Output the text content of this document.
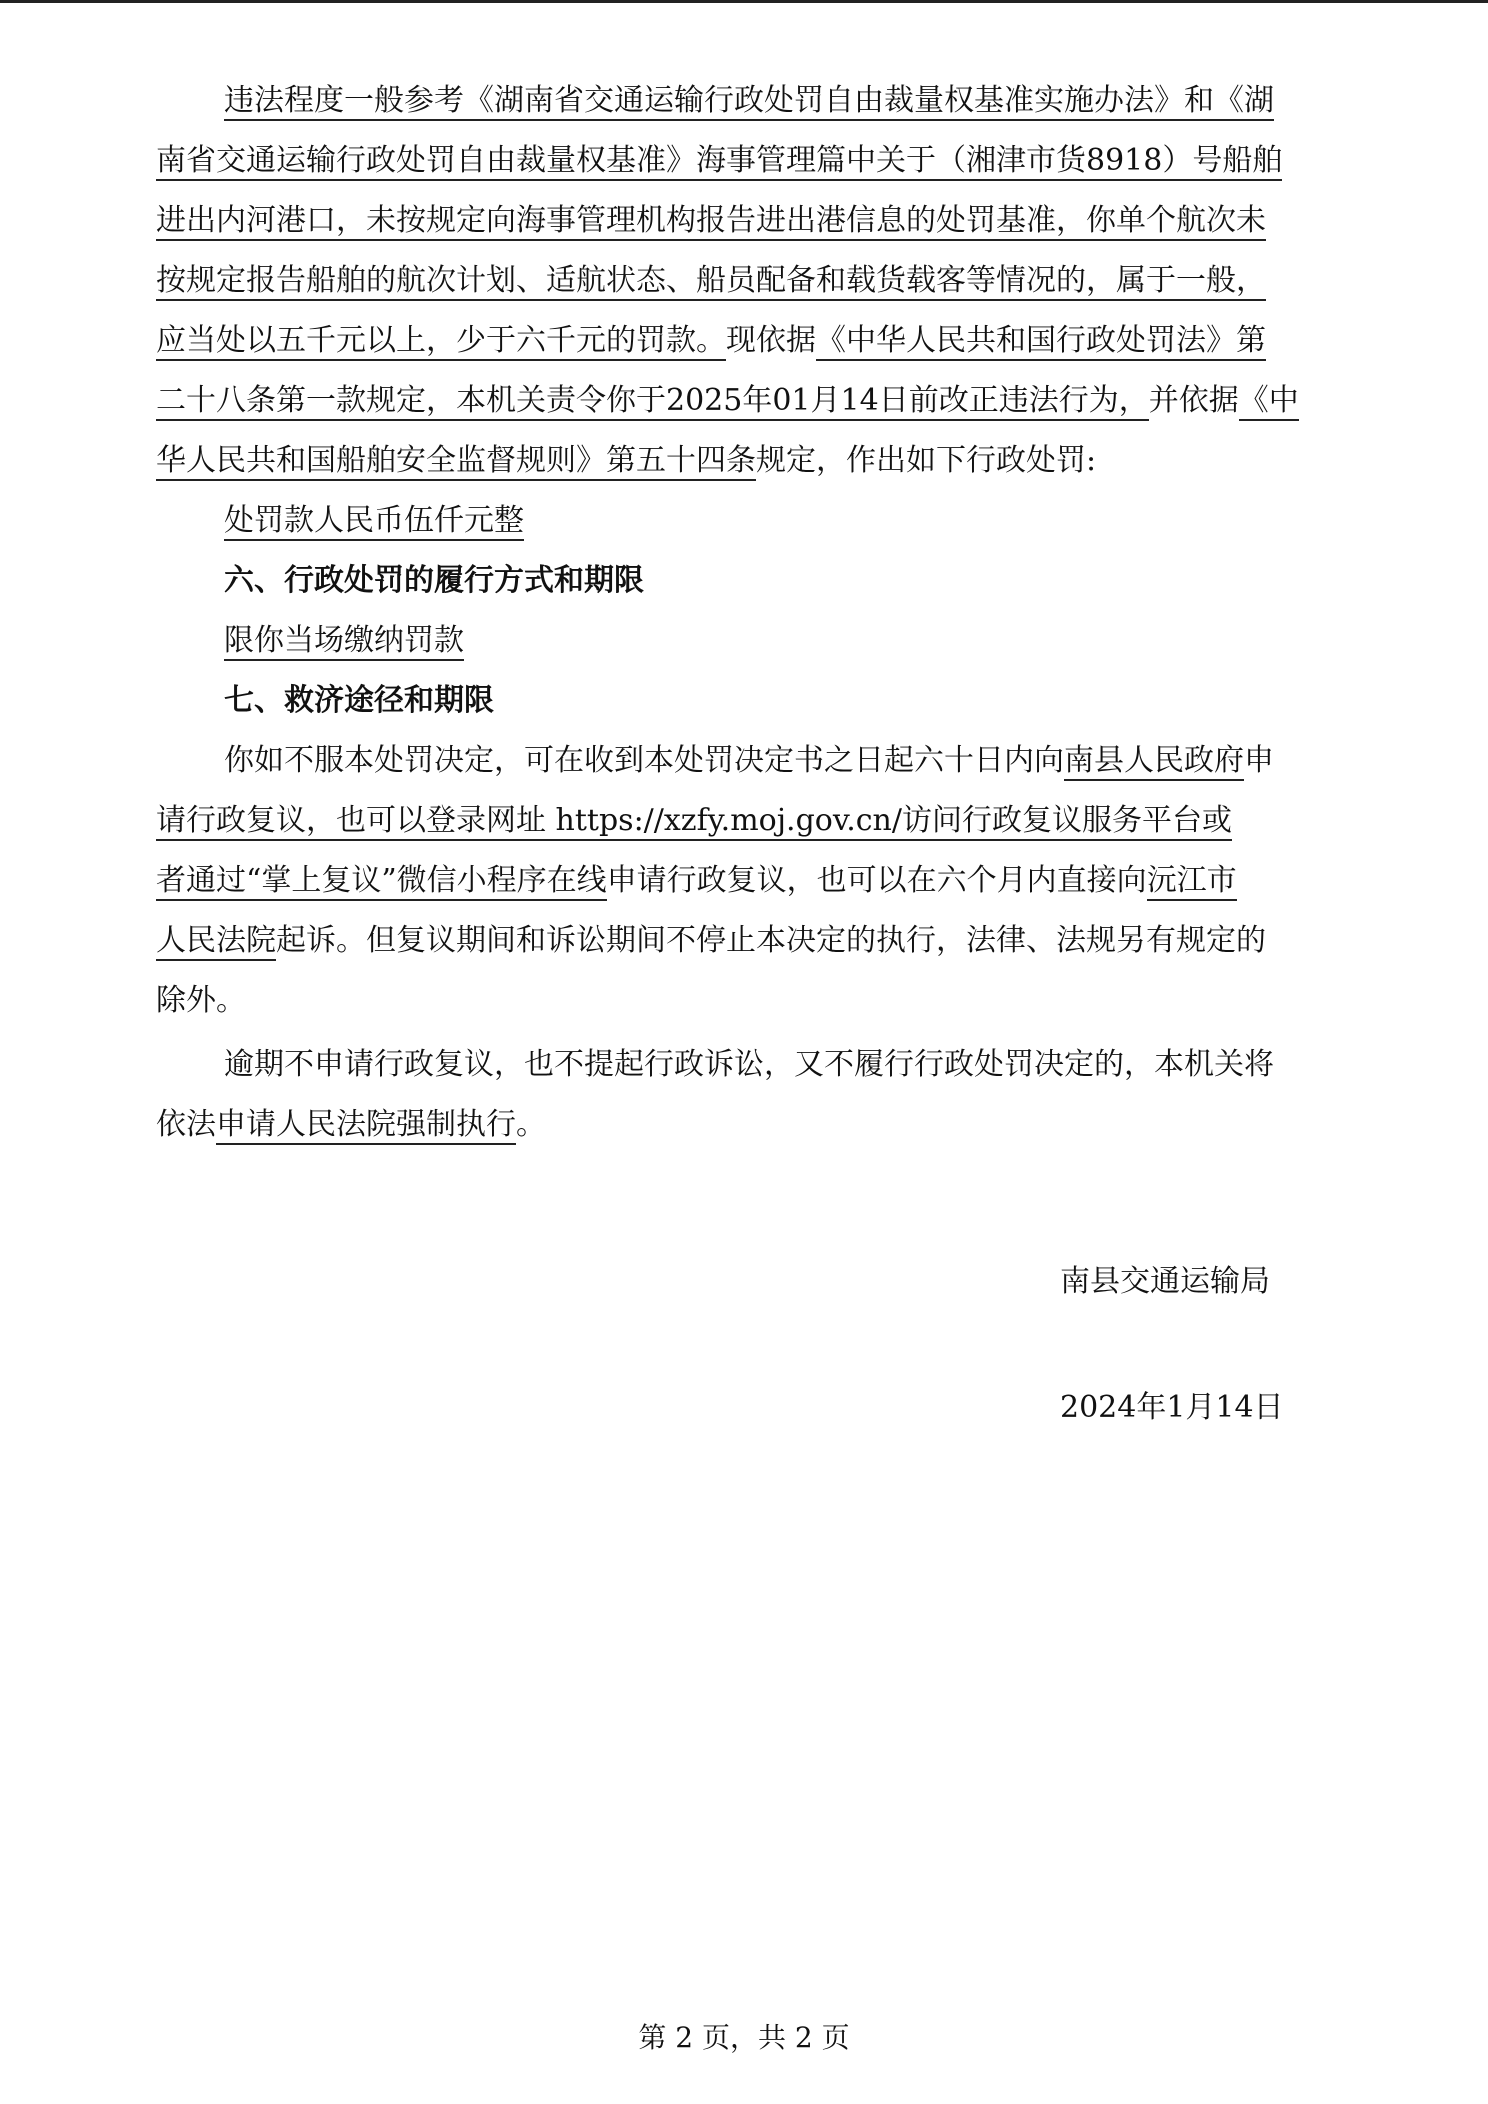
违法程度一般参考《湖南省交通运输行政处罚自由裁量权基准实施办法》和《湖
南省交通运输行政处罚自由裁量权基准》海事管理篇中关于（湘津市货8918）号船舶
进出内河港口，未按规定向海事管理机构报告进出港信息的处罚基准，你单个航次未
按规定报告船舶的航次计划、适航状态、船员配备和载货载客等情况的，属于一般，
应当处以五千元以上，少于六千元的罚款。现依据《中华人民共和国行政处罚法》第
二十八条第一款规定，本机关责令你于2025年01月14日前改正违法行为，并依据《中
华人民共和国船舶安全监督规则》第五十四条规定，作出如下行政处罚:
处罚款人民币伍仟元整
六、行政处罚的履行方式和期限
限你当场缴纳罚款
七、救济途径和期限
你如不服本处罚决定，可在收到本处罚决定书之日起六十日内向南县人民政府申
请行政复议，也可以登录网址 https://xzfy.moj.gov.cn/访问行政复议服务平台或
者通过“掌上复议”微信小程序在线申请行政复议，也可以在六个月内直接向沅江市
人民法院起诉。但复议期间和诉讼期间不停止本决定的执行，法律、法规另有规定的
除外。
逾期不申请行政复议，也不提起行政诉讼，又不履行行政处罚决定的，本机关将
依法申请人民法院强制执行。
南县交通运输局
2024年1月14日
第 2 页，共 2 页
